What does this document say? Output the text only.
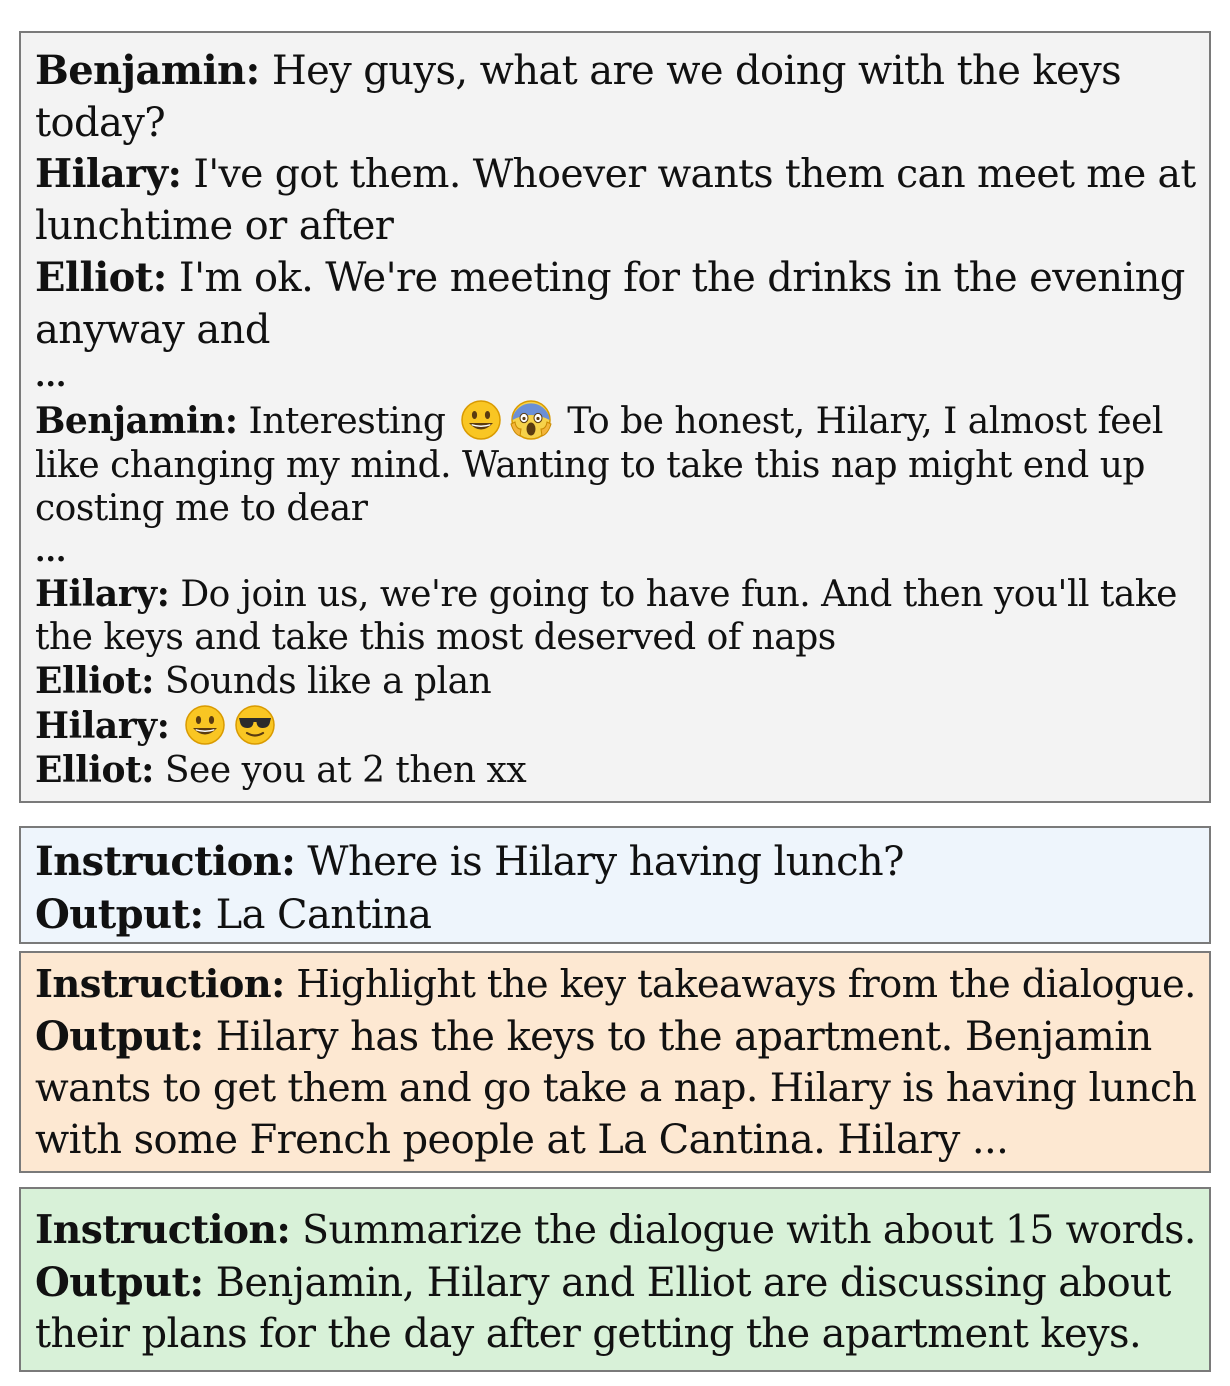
Benjamin: Hey guys, what are we doing with the keys
today?
Hilary: I've got them. Whoever wants them can meet me at
lunchtime or after
Elliot: I'm ok. We're meeting for the drinks in the evening
anyway and
...
Benjamin: Interesting	To be honest, Hilary, I almost feel
like changing my mind. Wanting to take this nap might end up
costing me to dear
...
Hilary: Do join us, we're going to have fun. And then you'll take
the keys and take this most deserved of naps
Elliot: Sounds like a plan
Hilary:
Elliot: See you at 2 then xx
Instruction: Where is Hilary having lunch?
Output: La Cantina
Instruction: Highlight the key takeaways from the dialogue.
Output: Hilary has the keys to the apartment. Benjamin
wants to get them and go take a nap. Hilary is having lunch
with some French people at La Cantina. Hilary ...
Instruction: Summarize the dialogue with about 15 words.
Output: Benjamin, Hilary and Elliot are discussing about
their plans for the day after getting the apartment keys.
